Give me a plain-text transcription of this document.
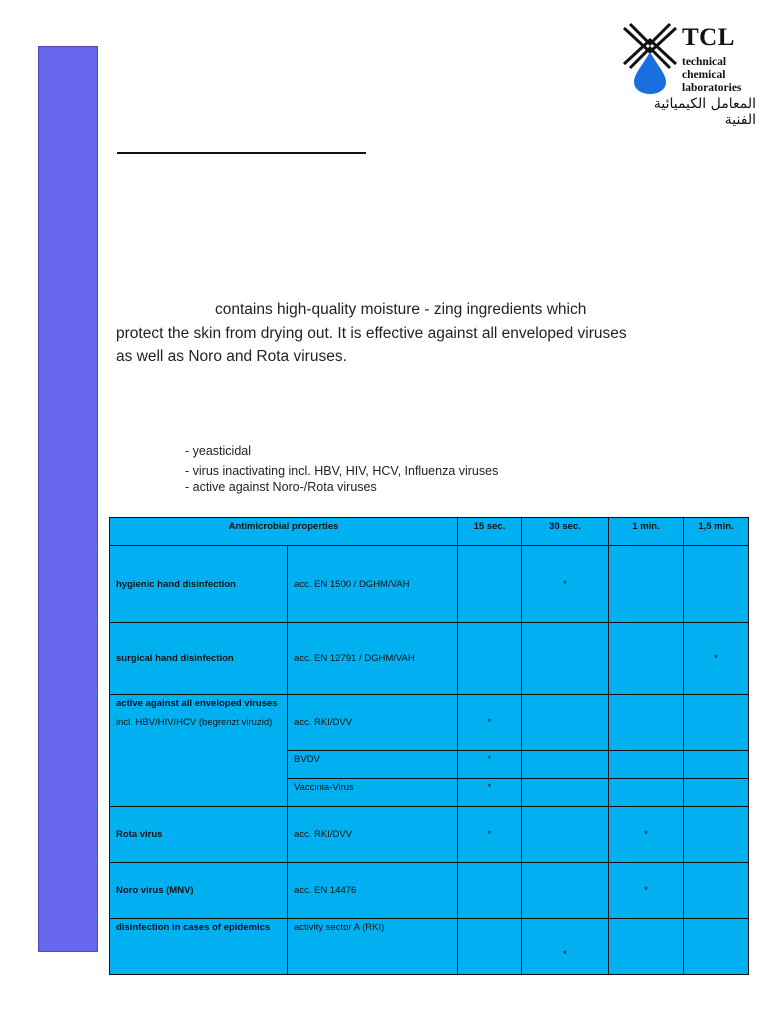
TCL
technical
chemical
laboratories
المعامل الكيميائية الفنية
contains high-quality moisture - zing ingredients which protect the skin from drying out. It is effective against all enveloped viruses as well as Noro and Rota viruses.
- yeasticidal
- virus inactivating incl. HBV, HIV, HCV, Influenza viruses
- active against Noro-/Rota viruses
Antimicrobial properties		15 sec.	30 sec.	1 min.	1,5 min.

hygienic hand disinfection	acc. EN 1500 / DGHM/VAH		*		

surgical hand disinfection	acc. EN 12791 / DGHM/VAH				*

active against all enveloped viruses
incl. HBV/HIV/HCV (begrenzt viruzid)	acc. RKI/DVV	*			

	BVDV	*			

	Vaccinia-Virus	*			

Rota virus	acc. RKI/DVV	*		*	

Noro virus (MNV)	acc. EN 14476			*	

disinfection in cases of epidemics	activity sector A (RKI)		*		
